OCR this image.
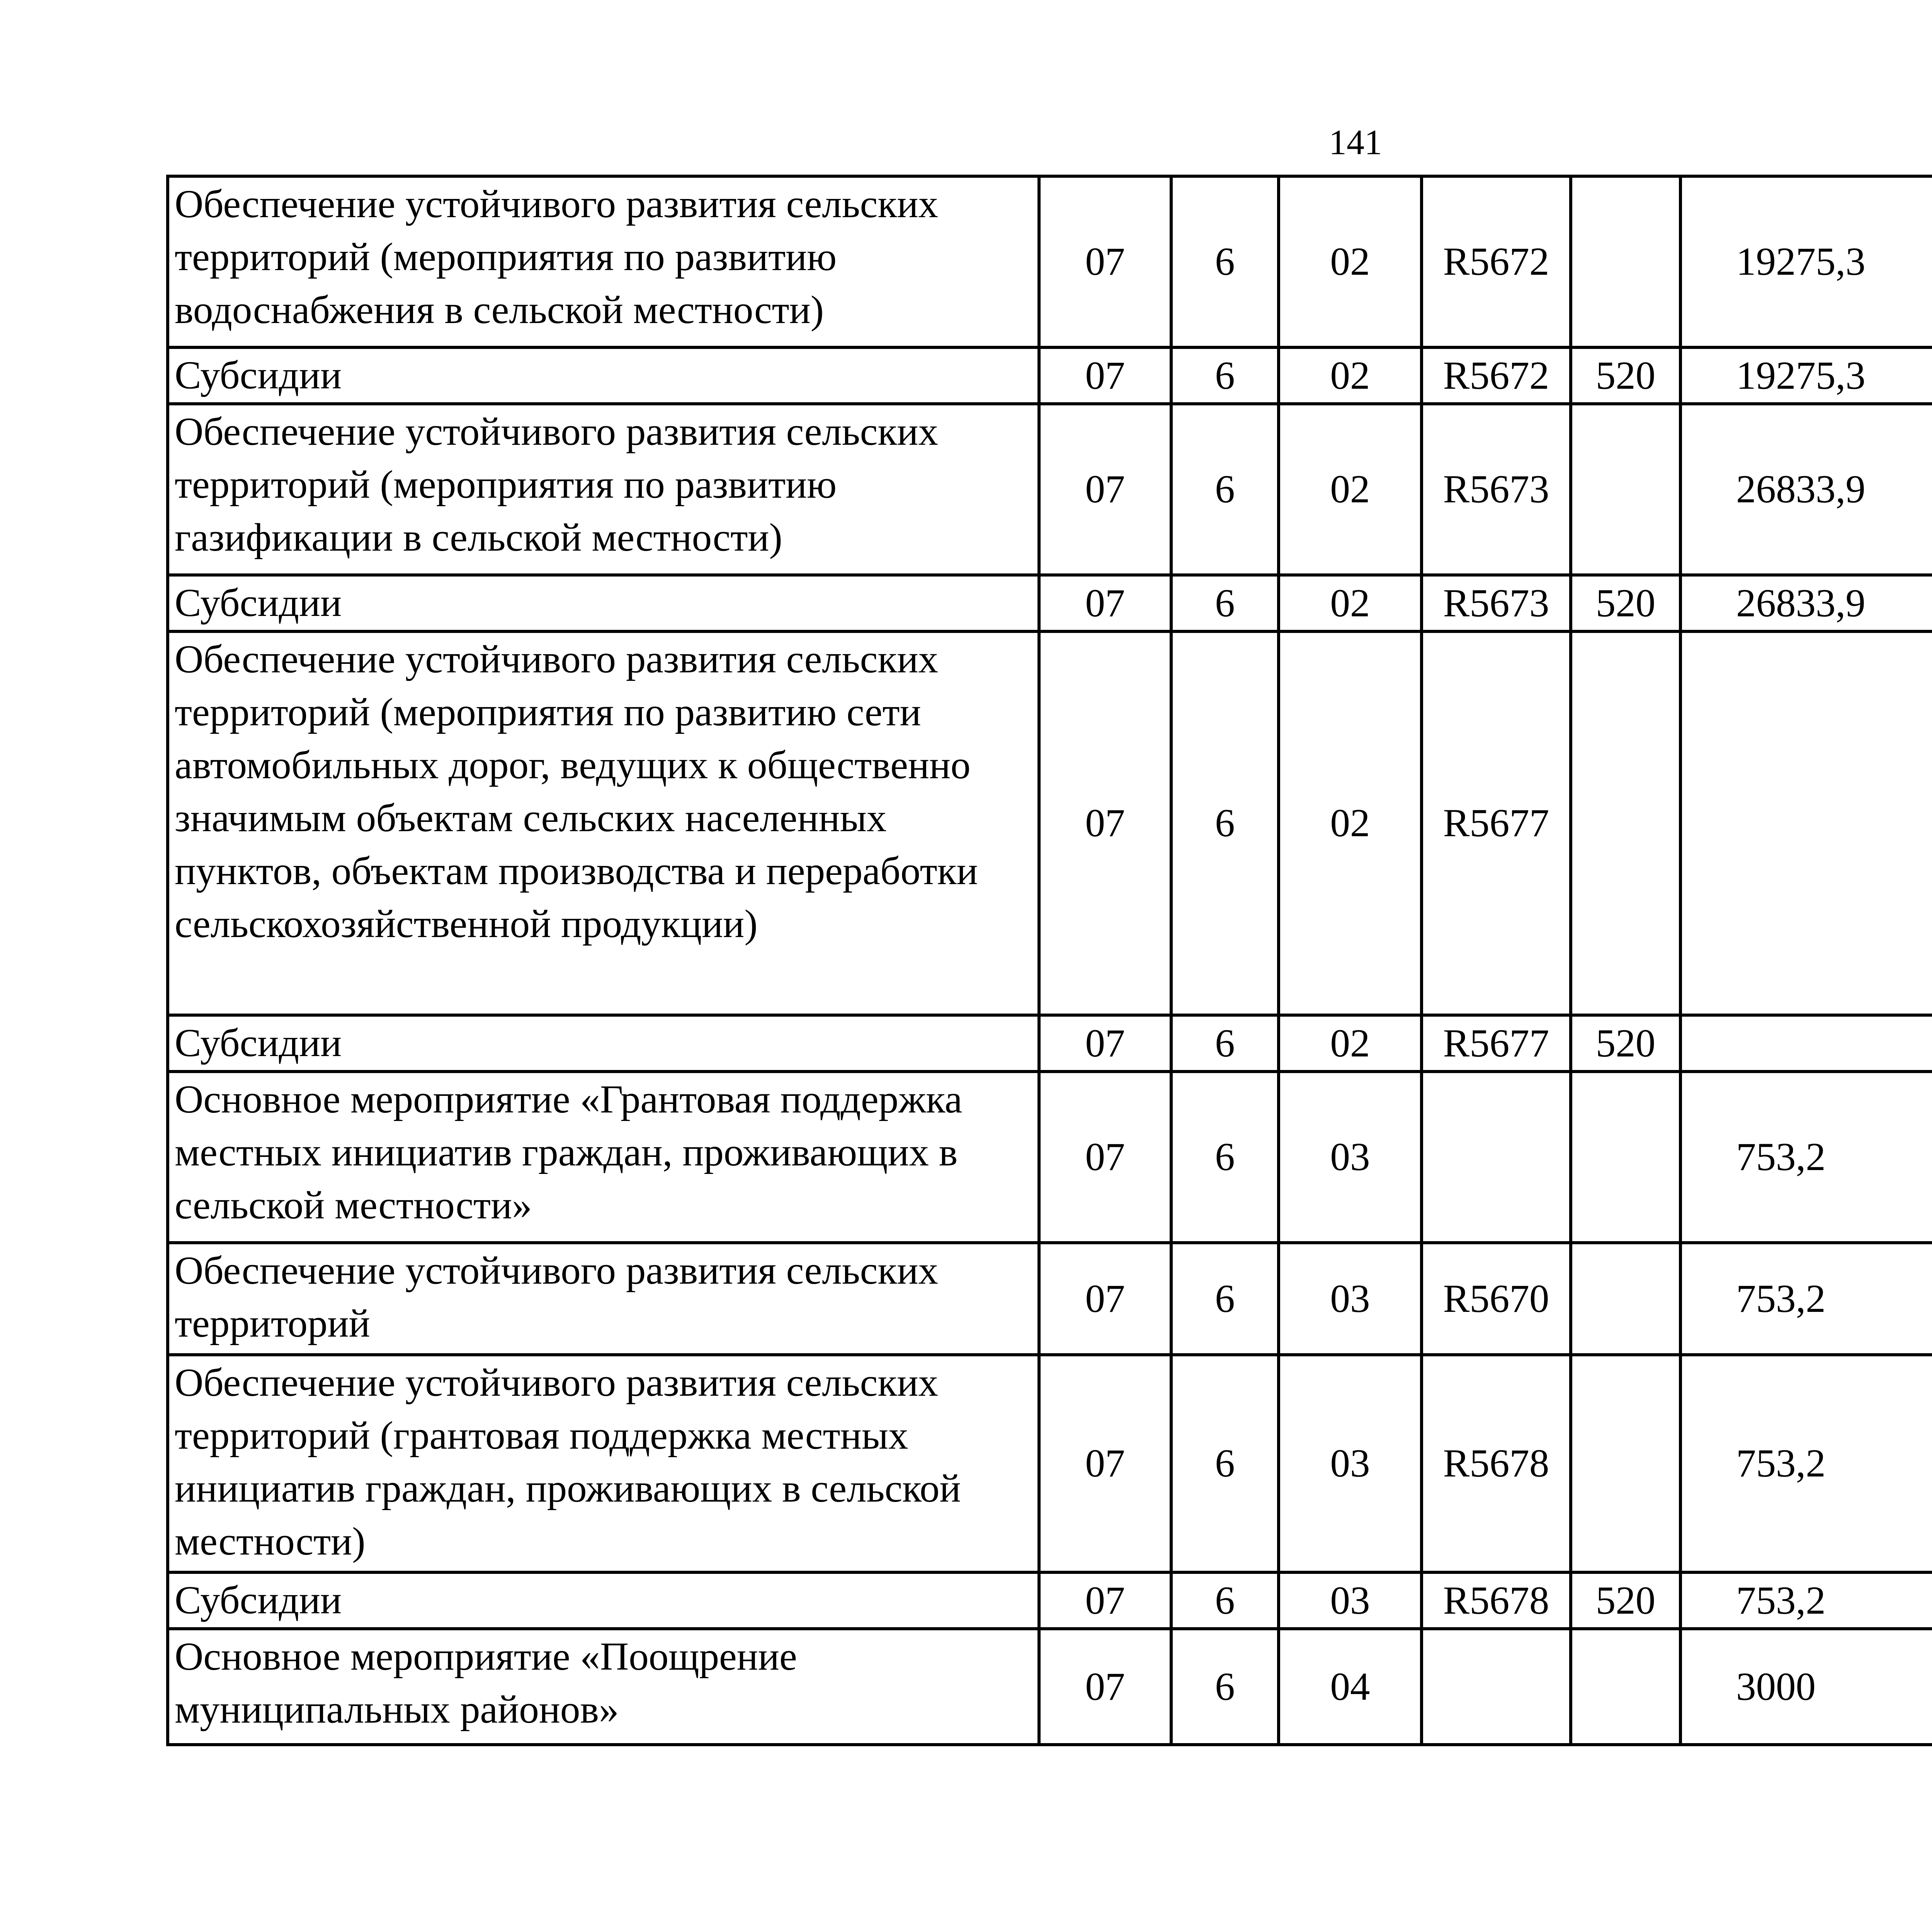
141
Обеспечение устойчивого развития сельских территорий (мероприятия по развитию водоснабжения в сельской местности)	07	6	02	R5672		19275,3		
Субсидии	07	6	02	R5672	520	19275,3		
Обеспечение устойчивого развития сельских территорий (мероприятия по развитию газификации в сельской местности)	07	6	02	R5673		26833,9		
Субсидии	07	6	02	R5673	520	26833,9		
Обеспечение устойчивого развития сельских территорий (мероприятия по развитию сети автомобильных дорог, ведущих к общественно значимым объектам сельских населенных пунктов, объектам производства и переработки сельскохозяйственной продукции)	07	6	02	R5677				
Субсидии	07	6	02	R5677	520			
Основное мероприятие «Грантовая поддержка местных инициатив граждан, проживающих в сельской местности»	07	6	03			753,2		
Обеспечение устойчивого развития сельских территорий	07	6	03	R5670		753,2		
Обеспечение устойчивого развития сельских территорий (грантовая поддержка местных инициатив граждан, проживающих в сельской местности)	07	6	03	R5678		753,2		
Субсидии	07	6	03	R5678	520	753,2		
Основное мероприятие «Поощрение муниципальных районов»	07	6	04			3000		
